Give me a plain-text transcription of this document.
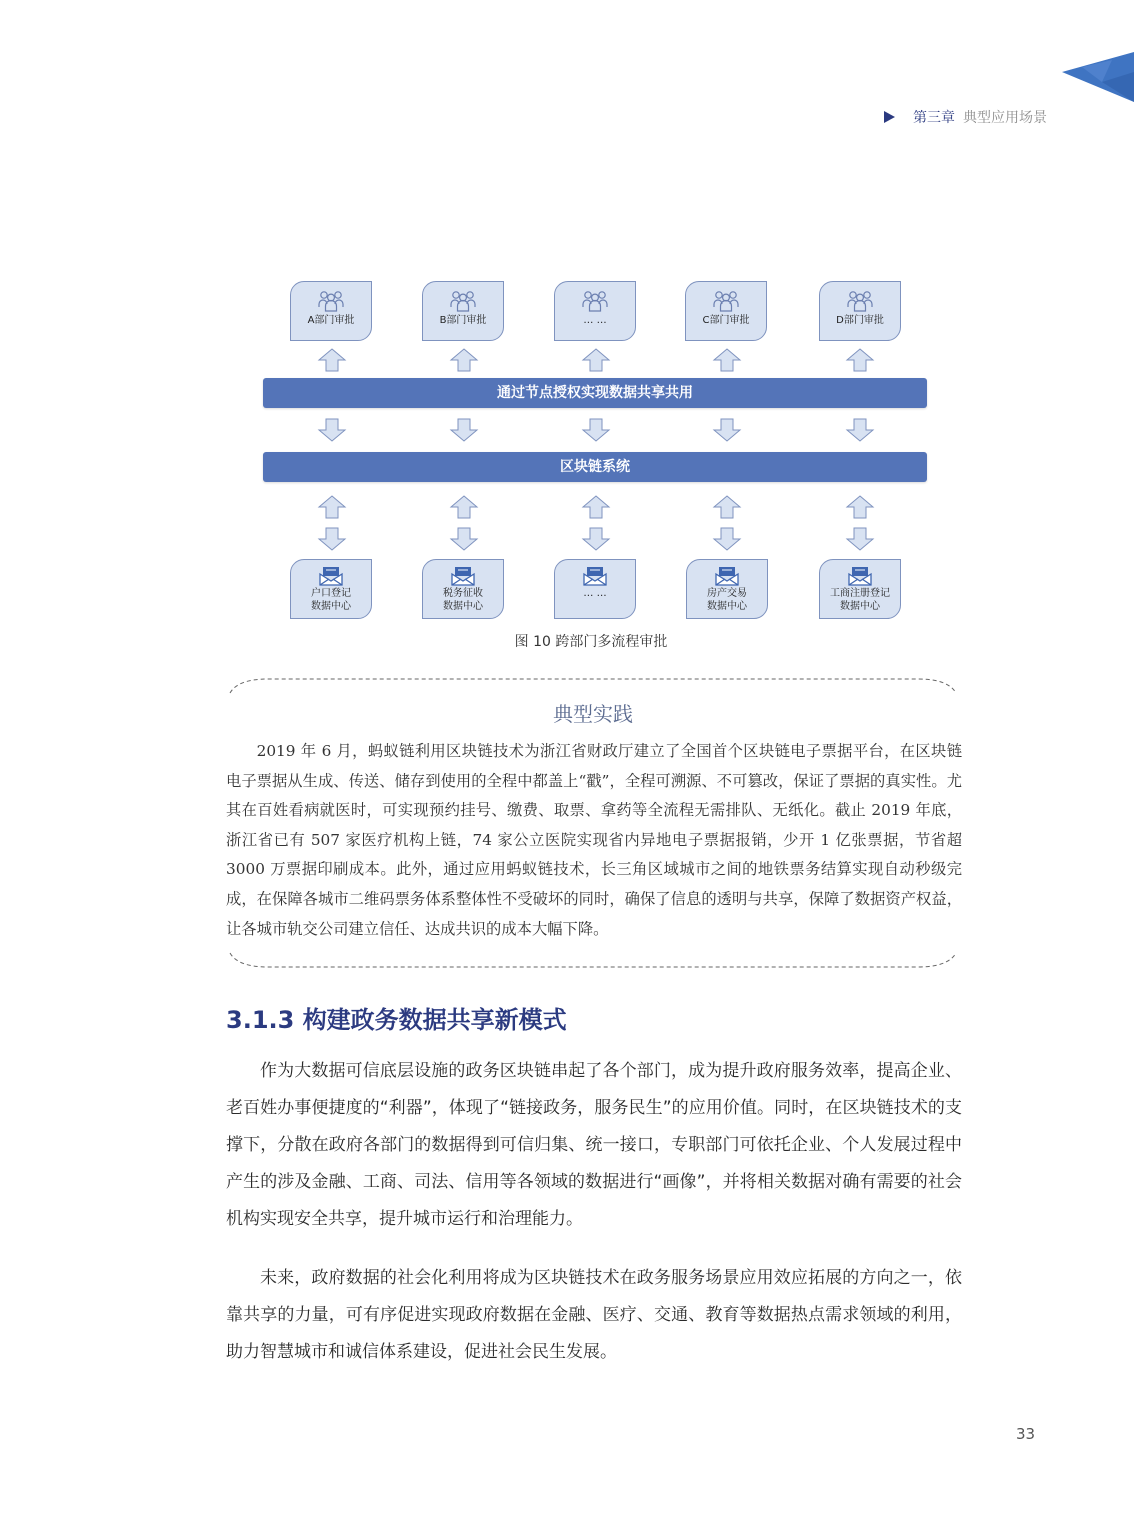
第三章 典型应用场景
A部门审批	B部门审批	… …	C部门审批	D部门审批
通过节点授权实现数据共享共用
区块链系统
户口登记
数据中心
税务征收
数据中心
… …	房产交易
数据中心
工商注册登记
数据中心
图 10 跨部门多流程审批
典型实践
2019 年 6 月，蚂蚁链利用区块链技术为浙江省财政厅建立了全国首个区块链电子票据平台，在区块链电子票据从生成、传送、储存到使用的全程中都盖上“戳”，全程可溯源、不可篡改，保证了票据的真实性。尤其在百姓看病就医时，可实现预约挂号、缴费、取票、拿药等全流程无需排队、无纸化。截止 2019 年底，浙江省已有 507 家医疗机构上链，74 家公立医院实现省内异地电子票据报销，少开 1 亿张票据，节省超 3000 万票据印刷成本。此外，通过应用蚂蚁链技术，长三角区域城市之间的地铁票务结算实现自动秒级完成，在保障各城市二维码票务体系整体性不受破坏的同时，确保了信息的透明与共享，保障了数据资产权益，让各城市轨交公司建立信任、达成共识的成本大幅下降。
3.1.3 构建政务数据共享新模式
作为大数据可信底层设施的政务区块链串起了各个部门，成为提升政府服务效率，提高企业、老百姓办事便捷度的“利器”，体现了“链接政务，服务民生”的应用价值。同时，在区块链技术的支撑下，分散在政府各部门的数据得到可信归集、统一接口，专职部门可依托企业、个人发展过程中产生的涉及金融、工商、司法、信用等各领域的数据进行“画像”，并将相关数据对确有需要的社会机构实现安全共享，提升城市运行和治理能力。
未来，政府数据的社会化利用将成为区块链技术在政务服务场景应用效应拓展的方向之一，依靠共享的力量，可有序促进实现政府数据在金融、医疗、交通、教育等数据热点需求领域的利用，助力智慧城市和诚信体系建设，促进社会民生发展。
33
